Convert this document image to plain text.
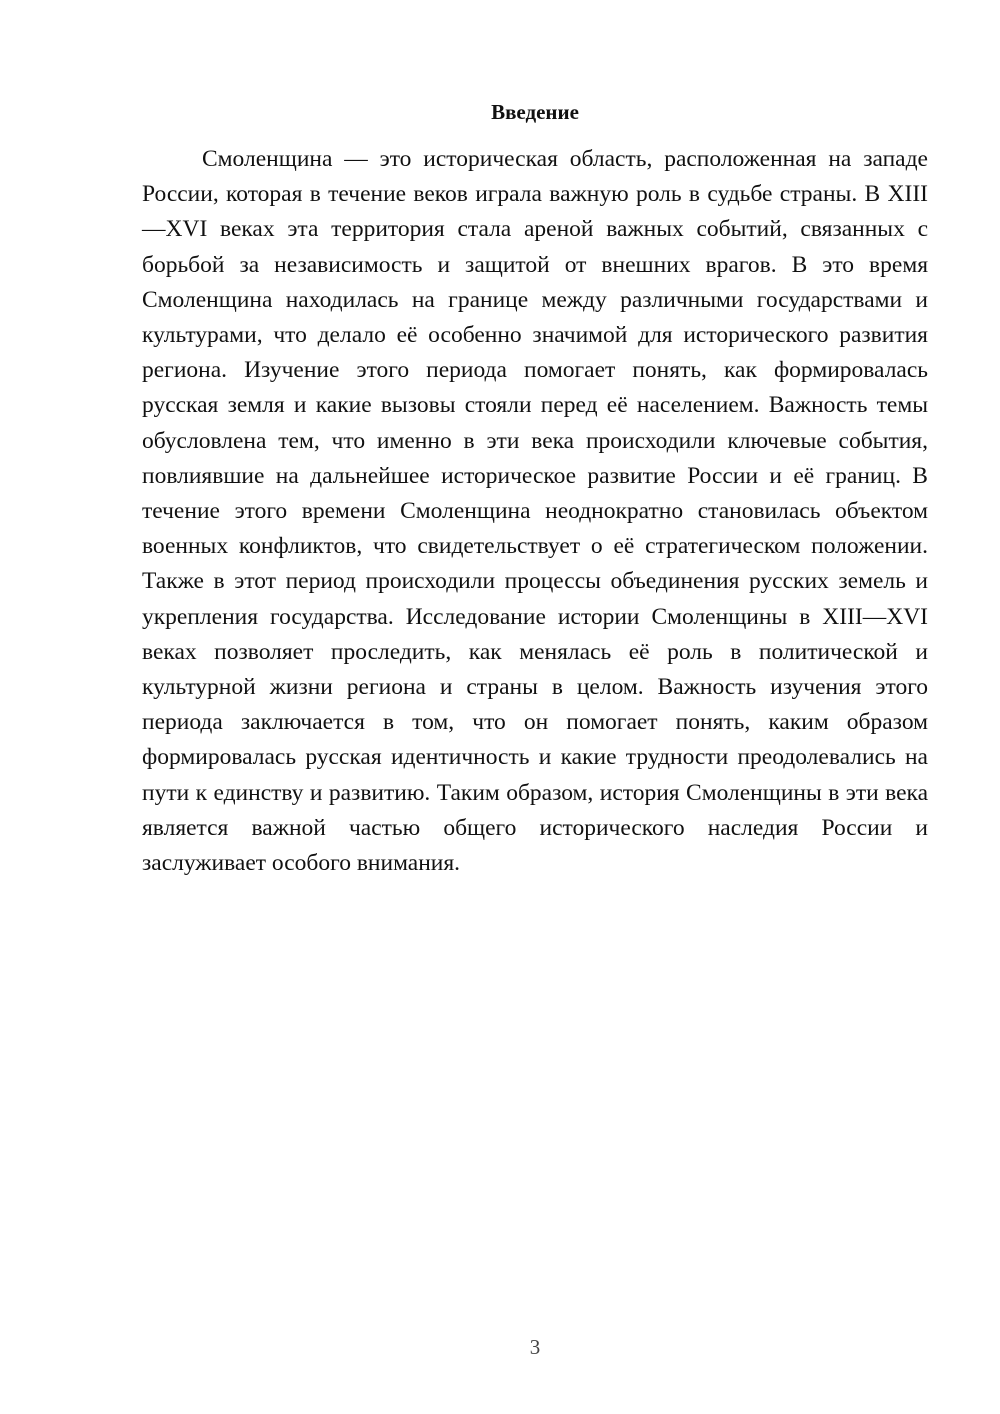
Введение

Смоленщина — это историческая область, расположенная на западе России, которая в течение веков играла важную роль в судьбе страны. В XIII—XVI веках эта территория стала ареной важных событий, связанных с борьбой за независимость и защитой от внешних врагов. В это время Смоленщина находилась на границе между различными государствами и культурами, что делало её особенно значимой для исторического развития региона. Изучение этого периода помогает понять, как формировалась русская земля и какие вызовы стояли перед её населением. Важность темы обусловлена тем, что именно в эти века происходили ключевые события, повлиявшие на дальнейшее историческое развитие России и её границ. В течение этого времени Смоленщина неоднократно становилась объектом военных конфликтов, что свидетельствует о её стратегическом положении. Также в этот период происходили процессы объединения русских земель и укрепления государства. Исследование истории Смоленщины в XIII—XVI веках позволяет проследить, как менялась её роль в политической и культурной жизни региона и страны в целом. Важность изучения этого периода заключается в том, что он помогает понять, каким образом формировалась русская идентичность и какие трудности преодолевались на пути к единству и развитию. Таким образом, история Смоленщины в эти века является важной частью общего исторического наследия России и заслуживает особого внимания.

3
